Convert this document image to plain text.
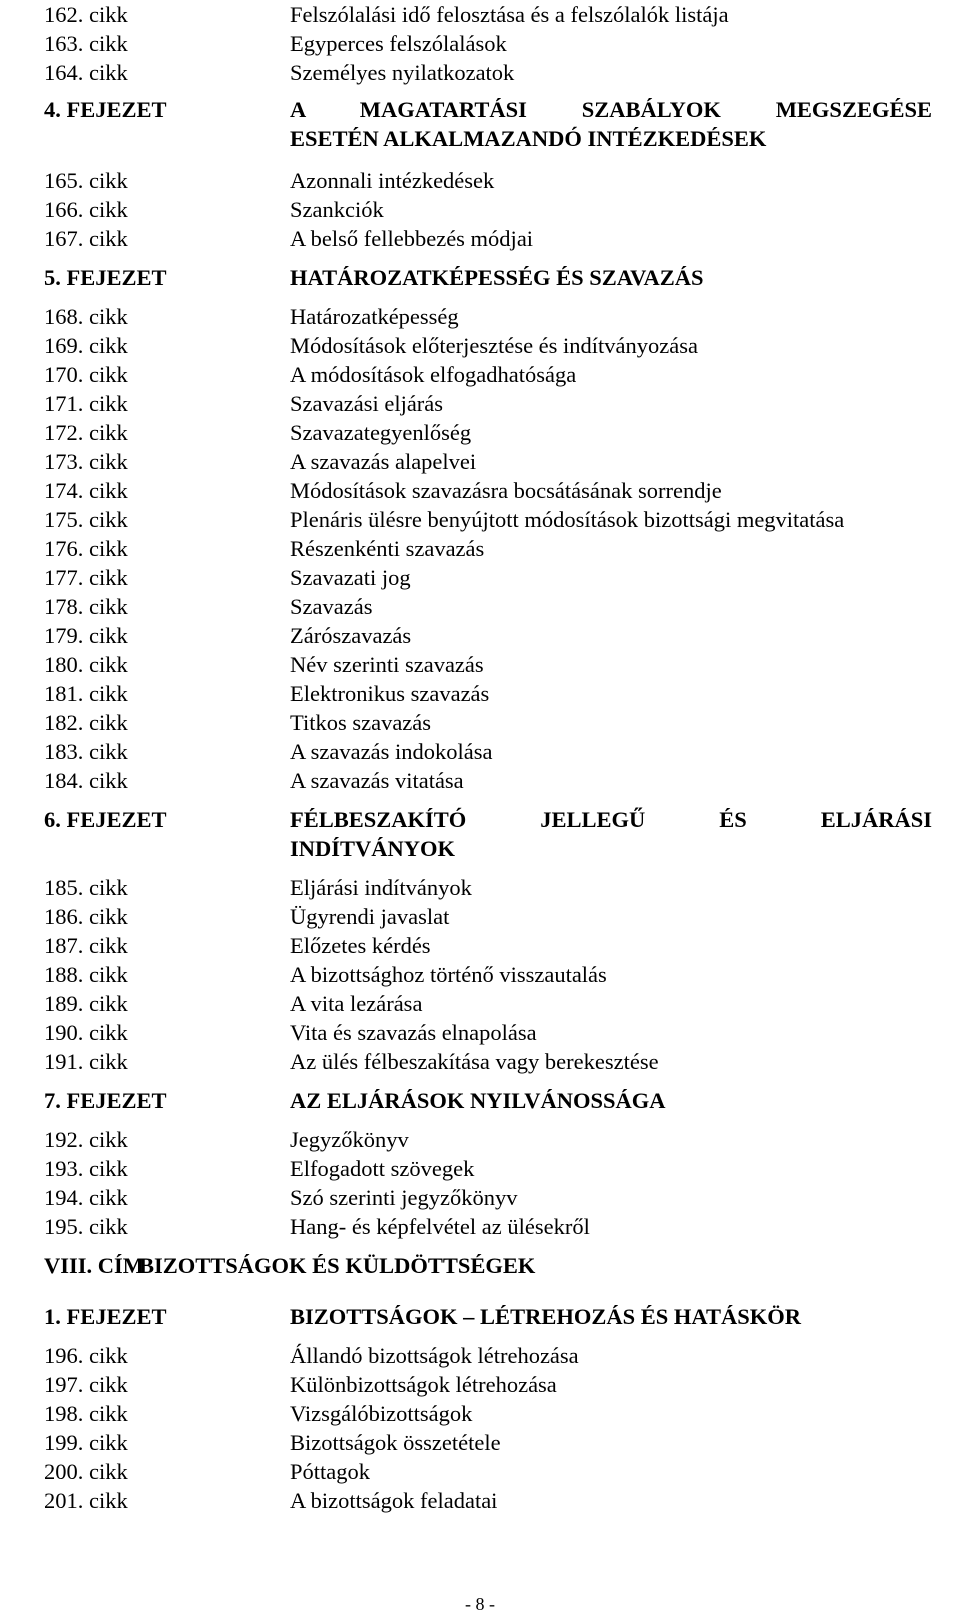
162. cikk	Felszólalási idő felosztása és a felszólalók listája
163. cikk	Egyperces felszólalások
164. cikk	Személyes nyilatkozatok
4. FEJEZET	A MAGATARTÁSI SZABÁLYOK MEGSZEGÉSE
ESETÉN ALKALMAZANDÓ INTÉZKEDÉSEK
165. cikk	Azonnali intézkedések
166. cikk	Szankciók
167. cikk	A belső fellebbezés módjai
5. FEJEZET	HATÁROZATKÉPESSÉG ÉS SZAVAZÁS
168. cikk	Határozatképesség
169. cikk	Módosítások előterjesztése és indítványozása
170. cikk	A módosítások elfogadhatósága
171. cikk	Szavazási eljárás
172. cikk	Szavazategyenlőség
173. cikk	A szavazás alapelvei
174. cikk	Módosítások szavazásra bocsátásának sorrendje
175. cikk	Plenáris ülésre benyújtott módosítások bizottsági megvitatása
176. cikk	Részenkénti szavazás
177. cikk	Szavazati jog
178. cikk	Szavazás
179. cikk	Zárószavazás
180. cikk	Név szerinti szavazás
181. cikk	Elektronikus szavazás
182. cikk	Titkos szavazás
183. cikk	A szavazás indokolása
184. cikk	A szavazás vitatása
6. FEJEZET	FÉLBESZAKÍTÓ JELLEGŰ ÉS ELJÁRÁSI
INDÍTVÁNYOK
185. cikk	Eljárási indítványok
186. cikk	Ügyrendi javaslat
187. cikk	Előzetes kérdés
188. cikk	A bizottsághoz történő visszautalás
189. cikk	A vita lezárása
190. cikk	Vita és szavazás elnapolása
191. cikk	Az ülés félbeszakítása vagy berekesztése
7. FEJEZET	AZ ELJÁRÁSOK NYILVÁNOSSÁGA
192. cikk	Jegyzőkönyv
193. cikk	Elfogadott szövegek
194. cikk	Szó szerinti jegyzőkönyv
195. cikk	Hang- és képfelvétel az ülésekről
VIII. CÍM
BIZOTTSÁGOK ÉS KÜLDÖTTSÉGEK
1. FEJEZET	BIZOTTSÁGOK – LÉTREHOZÁS ÉS HATÁSKÖR
196. cikk	Állandó bizottságok létrehozása
197. cikk	Különbizottságok létrehozása
198. cikk	Vizsgálóbizottságok
199. cikk	Bizottságok összetétele
200. cikk	Póttagok
201. cikk	A bizottságok feladatai
- 8 -
